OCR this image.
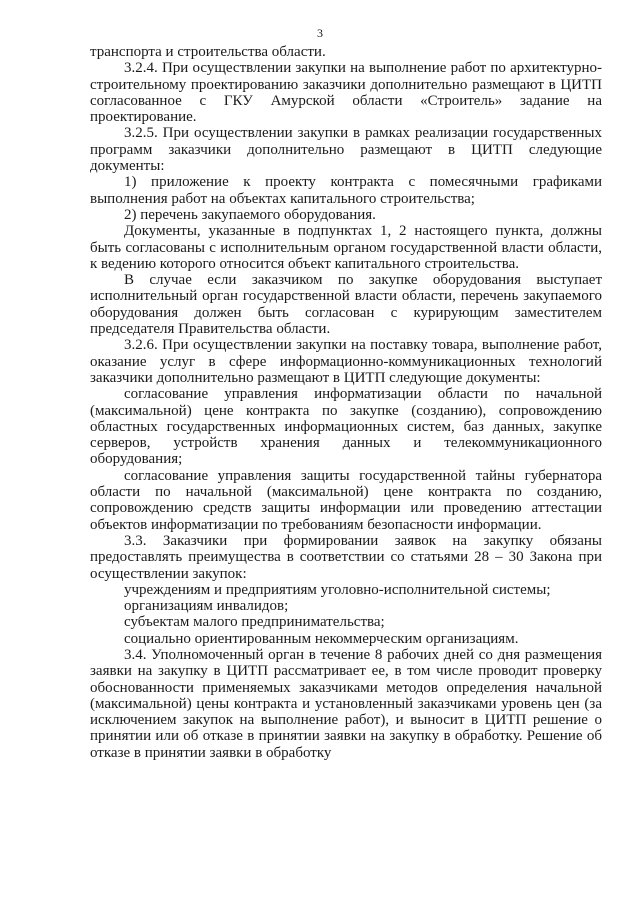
3

транспорта и строительства области.

3.2.4. При осуществлении закупки на выполнение работ по архитектурно-строительному проектированию заказчики дополнительно размещают в ЦИТП согласованное с ГКУ Амурской области «Строитель» задание на проектирование.

3.2.5. При осуществлении закупки в рамках реализации государственных программ заказчики дополнительно размещают в ЦИТП следующие документы:

1) приложение к проекту контракта с помесячными графиками выполнения работ на объектах капитального строительства;

2) перечень закупаемого оборудования.

Документы, указанные в подпунктах 1, 2 настоящего пункта, должны быть согласованы с исполнительным органом государственной власти области, к ведению которого относится объект капитального строительства.

В случае если заказчиком по закупке оборудования выступает исполнительный орган государственной власти области, перечень закупаемого оборудования должен быть согласован с курирующим заместителем председателя Правительства области.

3.2.6. При осуществлении закупки на поставку товара, выполнение работ, оказание услуг в сфере информационно-коммуникационных технологий заказчики дополнительно размещают в ЦИТП следующие документы:

согласование управления информатизации области по начальной (максимальной) цене контракта по закупке (созданию), сопровождению областных государственных информационных систем, баз данных, закупке серверов, устройств хранения данных и телекоммуникационного оборудования;

согласование управления защиты государственной тайны губернатора области по начальной (максимальной) цене контракта по созданию, сопровождению средств защиты информации или проведению аттестации объектов информатизации по требованиям безопасности информации.

3.3. Заказчики при формировании заявок на закупку обязаны предоставлять преимущества в соответствии со статьями 28 – 30 Закона при осуществлении закупок:

учреждениям и предприятиям уголовно-исполнительной системы;

организациям инвалидов;

субъектам малого предпринимательства;

социально ориентированным некоммерческим организациям.

3.4. Уполномоченный орган в течение 8 рабочих дней со дня размещения заявки на закупку в ЦИТП рассматривает ее, в том числе проводит проверку обоснованности применяемых заказчиками методов определения начальной (максимальной) цены контракта и установленный заказчиками уровень цен (за исключением закупок на выполнение работ), и выносит в ЦИТП решение о принятии или об отказе в принятии заявки на закупку в обработку. Решение об отказе в принятии заявки в обработку
